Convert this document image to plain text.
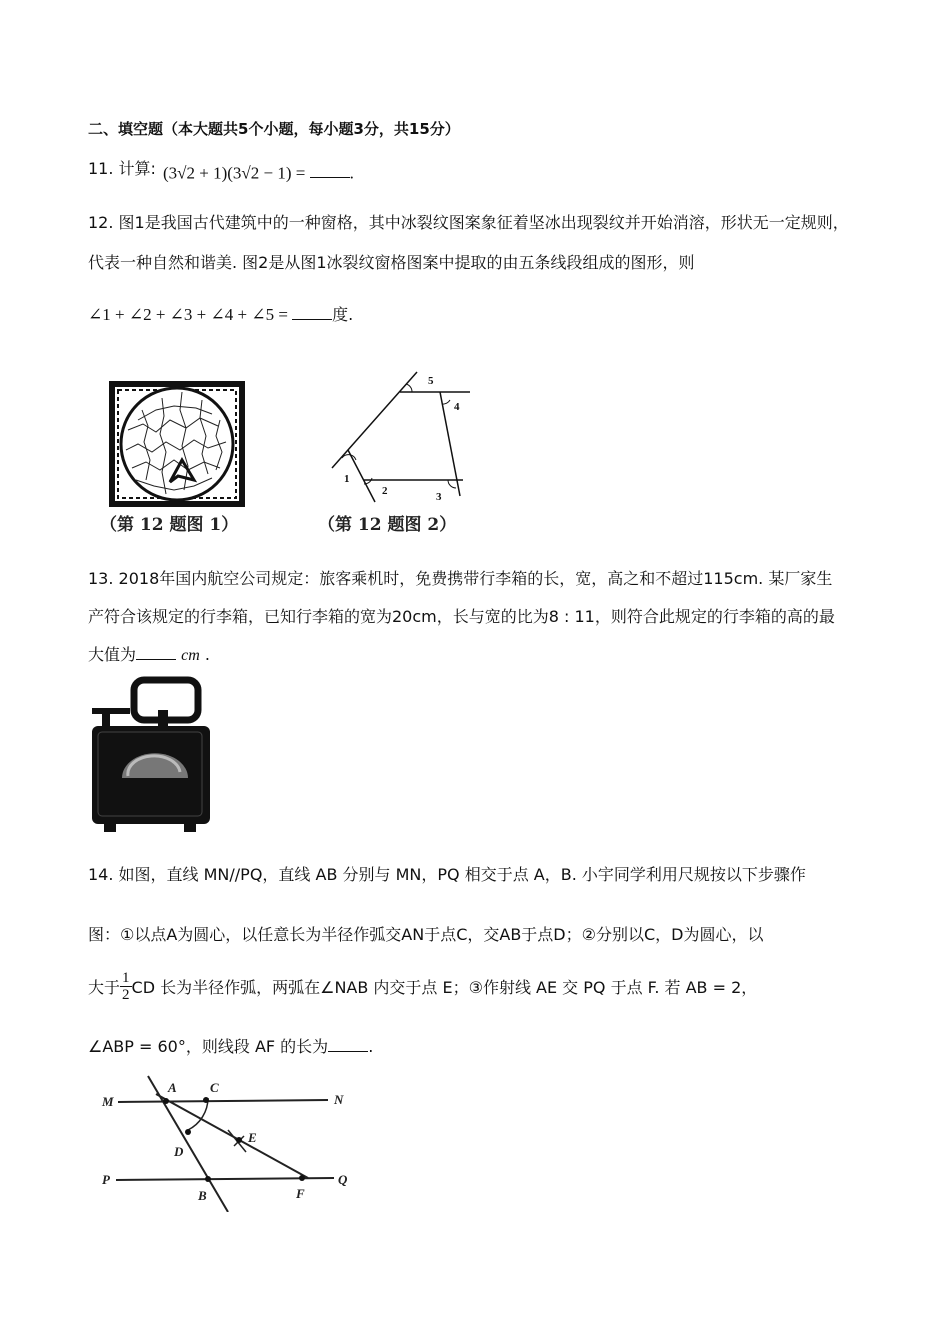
二、填空题（本大题共5个小题，每小题3分，共15分）
11. 计算: (3√2 + 1)(3√2 − 1) =	.
12. 图1是我国古代建筑中的一种窗格，其中冰裂纹图案象征着坚冰出现裂纹并开始消溶，形状无一定规则，
代表一种自然和谐美. 图2是从图1冰裂纹窗格图案中提取的由五条线段组成的图形，则
∠1 + ∠2 + ∠3 + ∠4 + ∠5 =	度.
（第 12 题图 1）
1
2	3
4
5
（第 12 题图 2）
13. 2018年国内航空公司规定：旅客乘机时，免费携带行李箱的长，宽，高之和不超过115cm. 某厂家生
产符合该规定的行李箱，已知行李箱的宽为20cm，长与宽的比为8 : 11，则符合此规定的行李箱的高的最
大值为	cm .
14. 如图，直线 MN//PQ，直线 AB 分别与 MN，PQ 相交于点 A，B. 小宇同学利用尺规按以下步骤作
图：①以点A为圆心，以任意长为半径作弧交AN于点C，交AB于点D；②分别以C，D为圆心，以
大于 $\frac{1}{2}$ CD 长为半径作弧，两弧在∠NAB 内交于点 E；③作射线 AE 交 PQ 于点 F. 若 AB = 2，
∠ABP = 60°，则线段 AF 的长为	.
M
A	C
N
D
E
P
B	F
Q
